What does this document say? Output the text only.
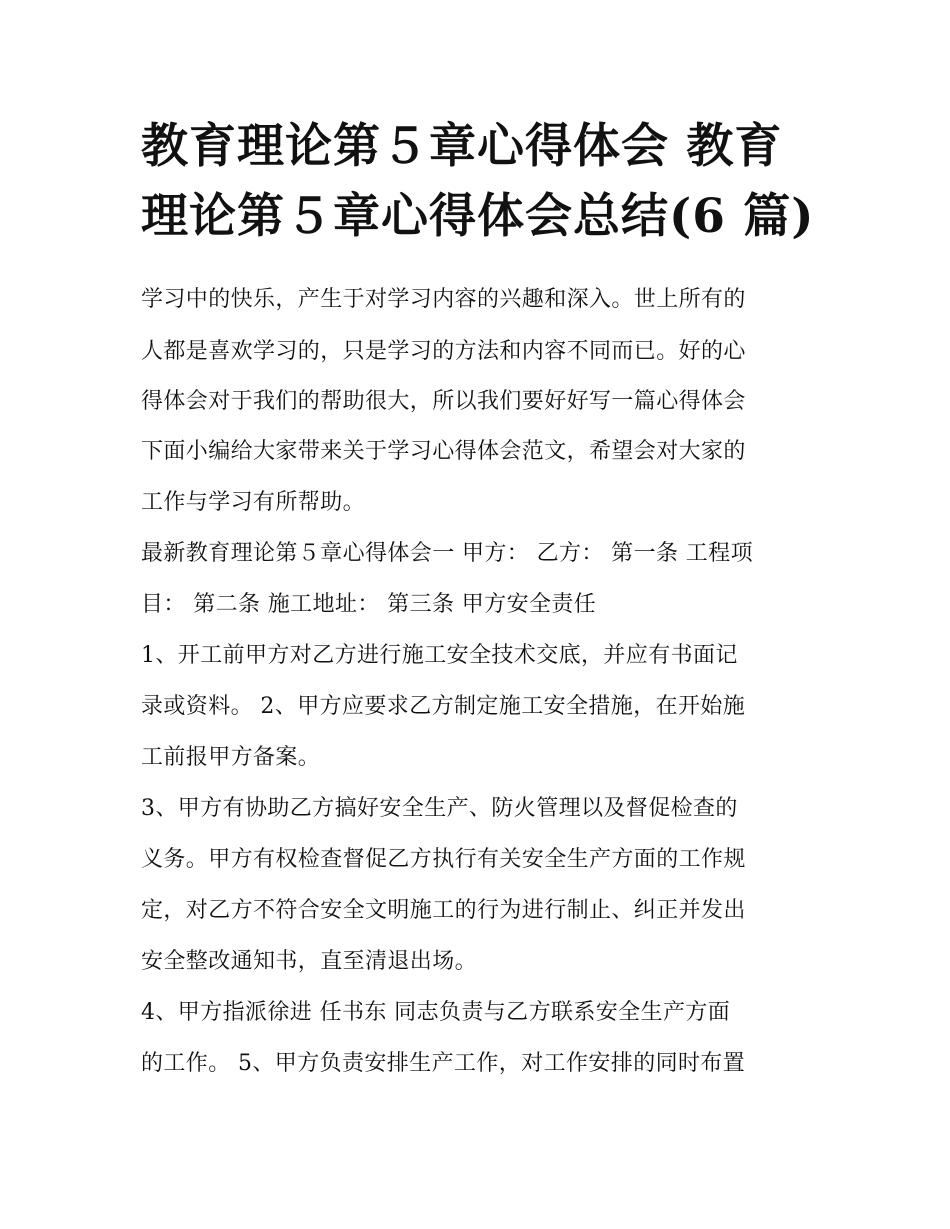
教育理论第５章心得体会 教育
理论第５章心得体会总结(6 篇)

学习中的快乐，产生于对学习内容的兴趣和深入。世上所有的

人都是喜欢学习的，只是学习的方法和内容不同而已。好的心

得体会对于我们的帮助很大，所以我们要好好写一篇心得体会

下面小编给大家带来关于学习心得体会范文，希望会对大家的

工作与学习有所帮助。

最新教育理论第５章心得体会一 甲方： 乙方： 第一条 工程项

目： 第二条 施工地址： 第三条 甲方安全责任

1、开工前甲方对乙方进行施工安全技术交底，并应有书面记

录或资料。 2、甲方应要求乙方制定施工安全措施，在开始施

工前报甲方备案。

3、甲方有协助乙方搞好安全生产、防火管理以及督促检查的

义务。甲方有权检查督促乙方执行有关安全生产方面的工作规

定，对乙方不符合安全文明施工的行为进行制止、纠正并发出

安全整改通知书，直至清退出场。

4、甲方指派徐进 任书东 同志负责与乙方联系安全生产方面

的工作。 5、甲方负责安排生产工作，对工作安排的同时布置
